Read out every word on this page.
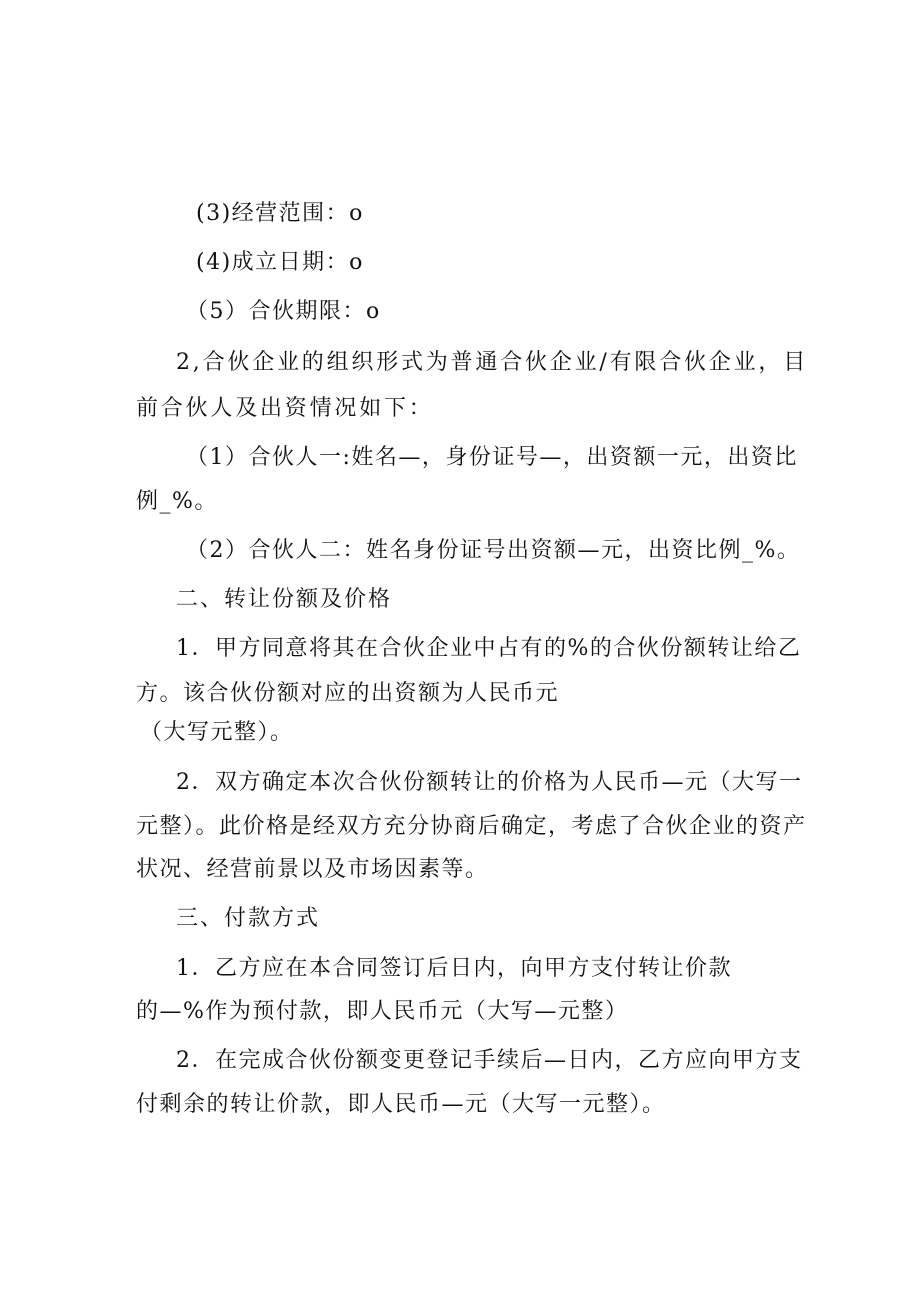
(3)经营范围：o

(4)成立日期：o

（5）合伙期限：o

2,合伙企业的组织形式为普通合伙企业/有限合伙企业，目

前合伙人及出资情况如下：

（1）合伙人一:姓名—，身份证号—，出资额一元，出资比

例_%。

（2）合伙人二：姓名身份证号出资额—元，出资比例_%。

二、转让份额及价格

1．甲方同意将其在合伙企业中占有的%的合伙份额转让给乙

方。该合伙份额对应的出资额为人民币元

（大写元整）。

2．双方确定本次合伙份额转让的价格为人民币—元（大写一

元整）。此价格是经双方充分协商后确定，考虑了合伙企业的资产

状况、经营前景以及市场因素等。

三、付款方式

1．乙方应在本合同签订后日内，向甲方支付转让价款

的—%作为预付款，即人民币元（大写—元整）

2．在完成合伙份额变更登记手续后—日内，乙方应向甲方支

付剩余的转让价款，即人民币—元（大写一元整）。
